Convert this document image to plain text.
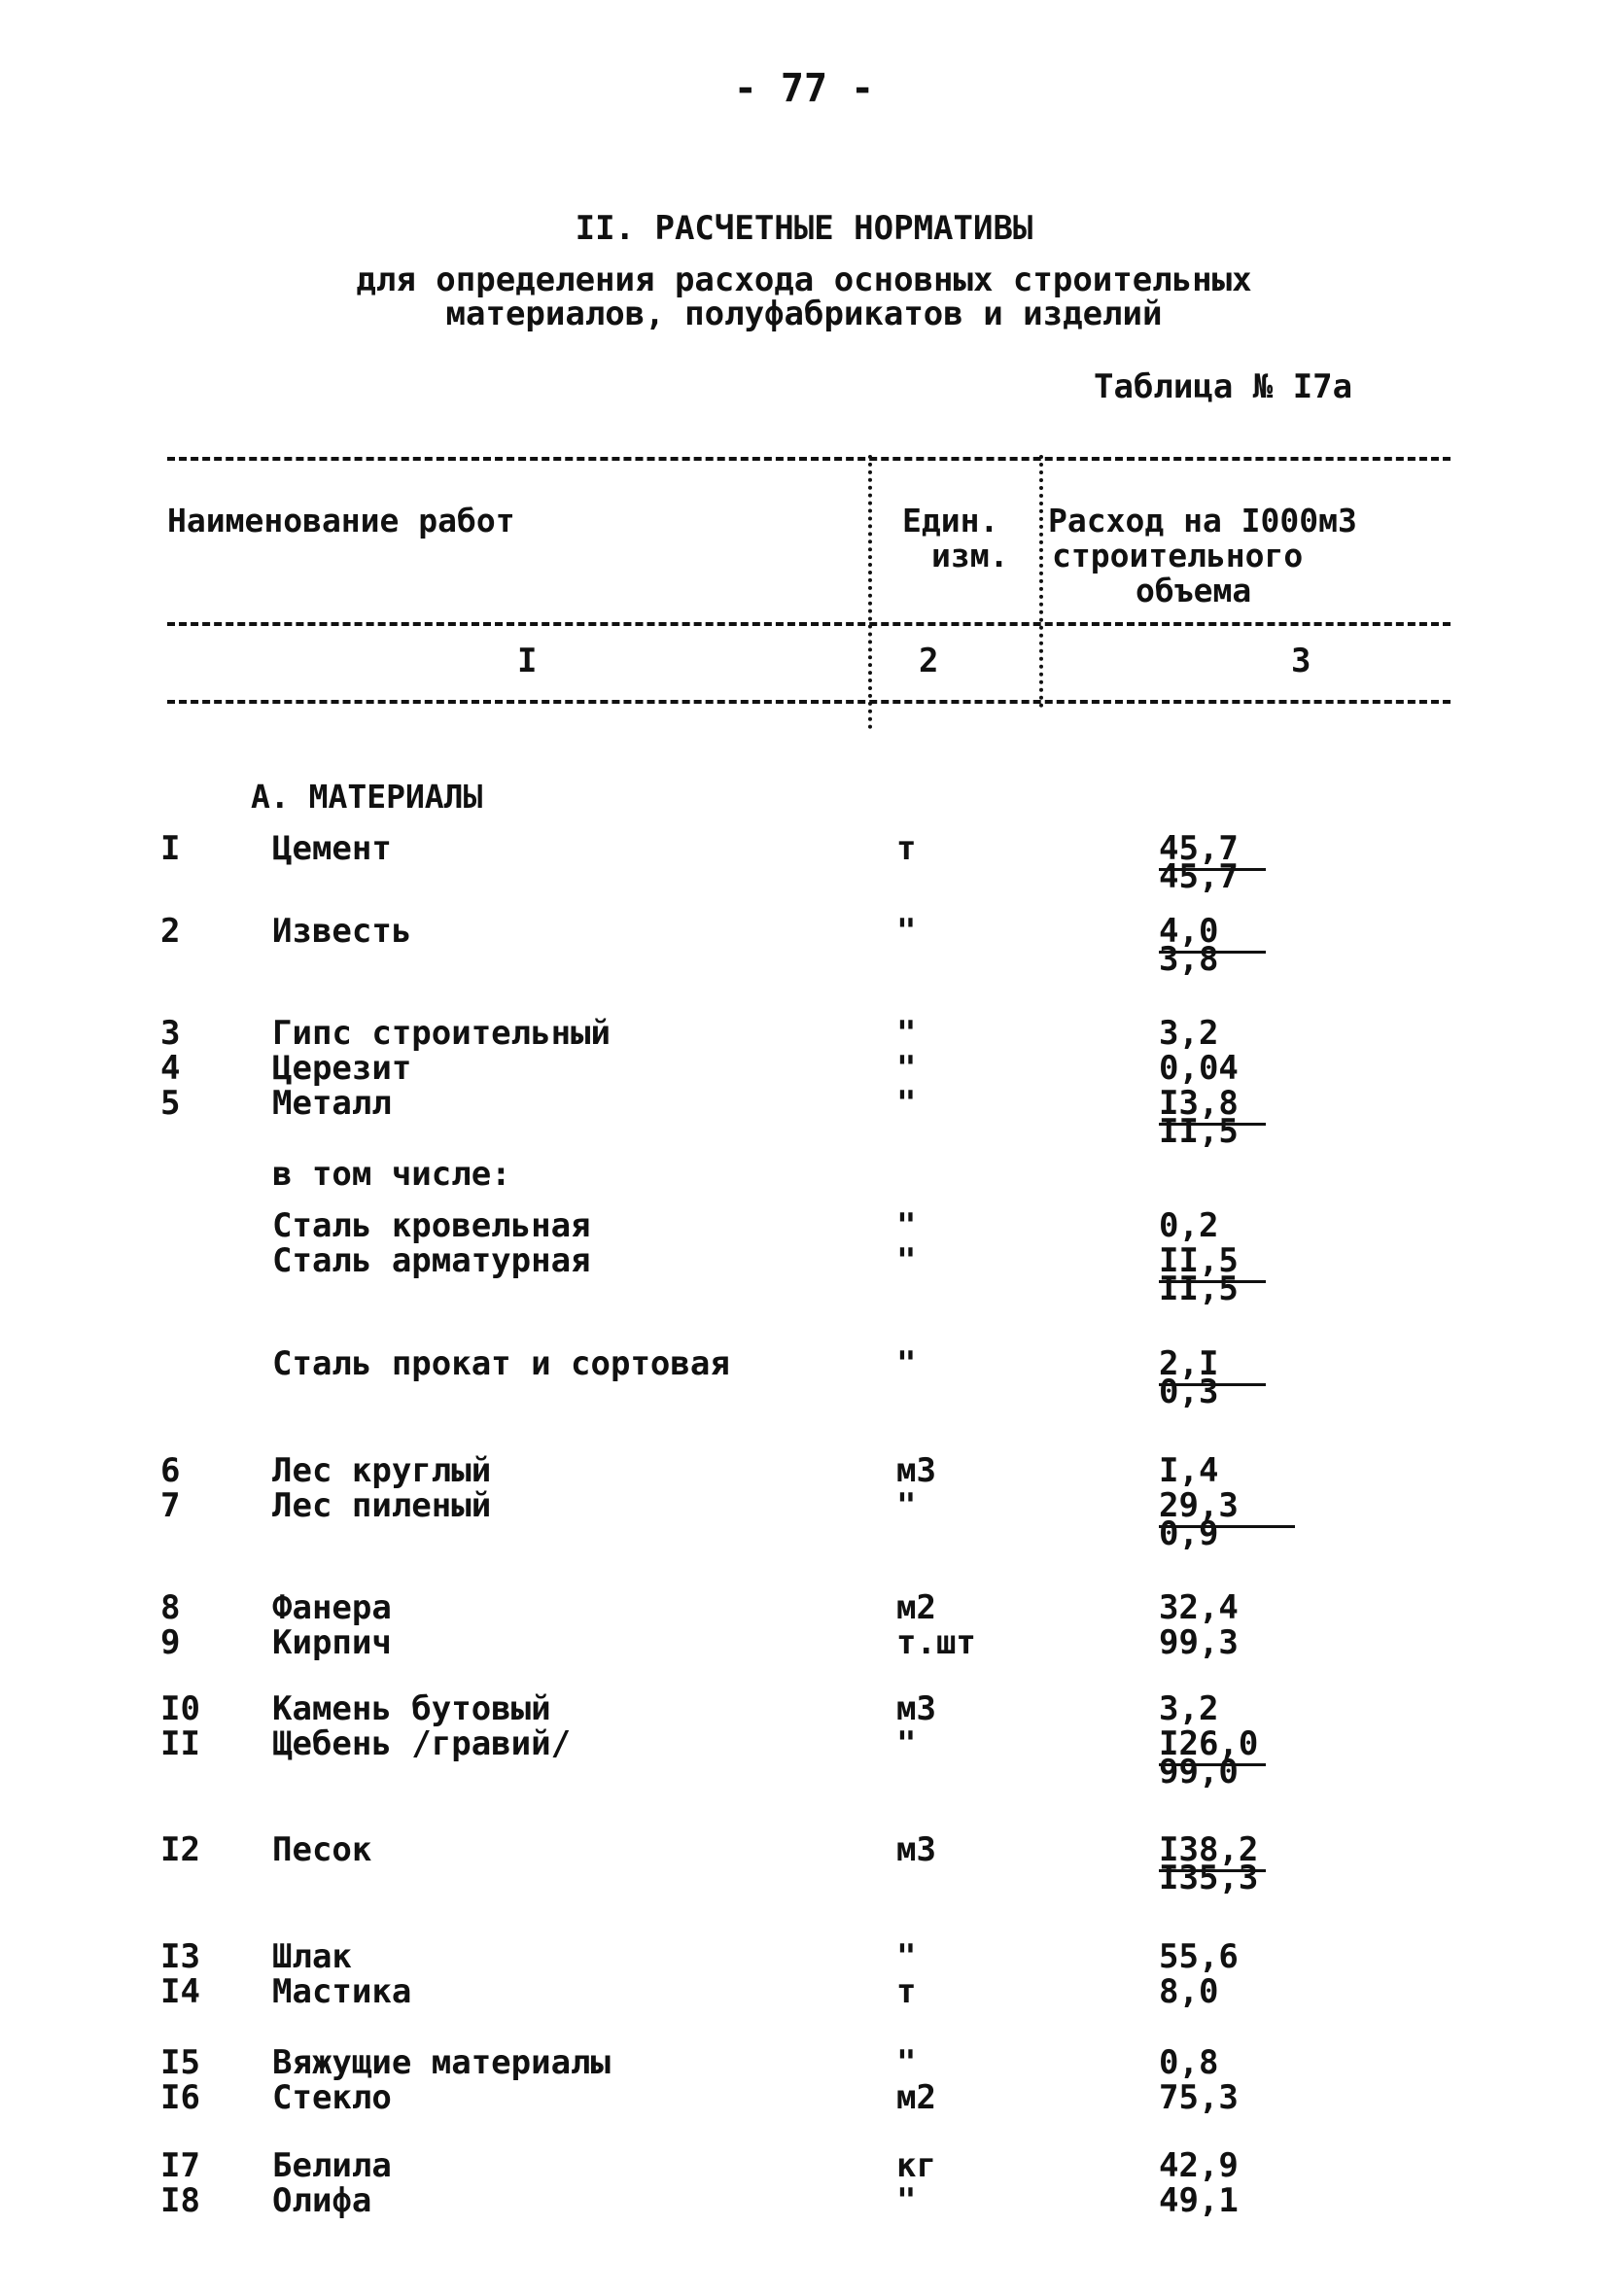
- 77 -
II. РАСЧЕТНЫЕ НОРМАТИВЫ
для определения расхода основных строительных
материалов, полуфабрикатов и изделий
Таблица № I7a
Наименование работ	Един.
изм.
Расход на I000м3
строительного
объема
I	2	3
А. МАТЕРИАЛЫ
I	Цемент	т	45,7
45,7
2	Известь	"	4,0
3,8
3	Гипс строительный	"	3,2
4	Церезит	"	0,04
5	Металл	"	I3,8
II,5
в том числе:
Сталь кровельная	"	0,2
Сталь арматурная	"	II,5
II,5
Сталь прокат и сортовая	"	2,I
0,3
6	Лес круглый	м3	I,4
7	Лес пиленый	"	29,3
0,9
8	Фанера	м2	32,4
9	Кирпич	т.шт	99,3
I0 Камень бутовый	м3	3,2
II Щебень /гравий/	"	I26,0
99,0
I2 Песок	м3	I38,2
I35,3
I3 Шлак	"	55,6
I4 Мастика	т	8,0
I5 Вяжущие материалы	"	0,8
I6 Стекло	м2	75,3
I7 Белила	кг	42,9
I8 Олифа	"	49,1
